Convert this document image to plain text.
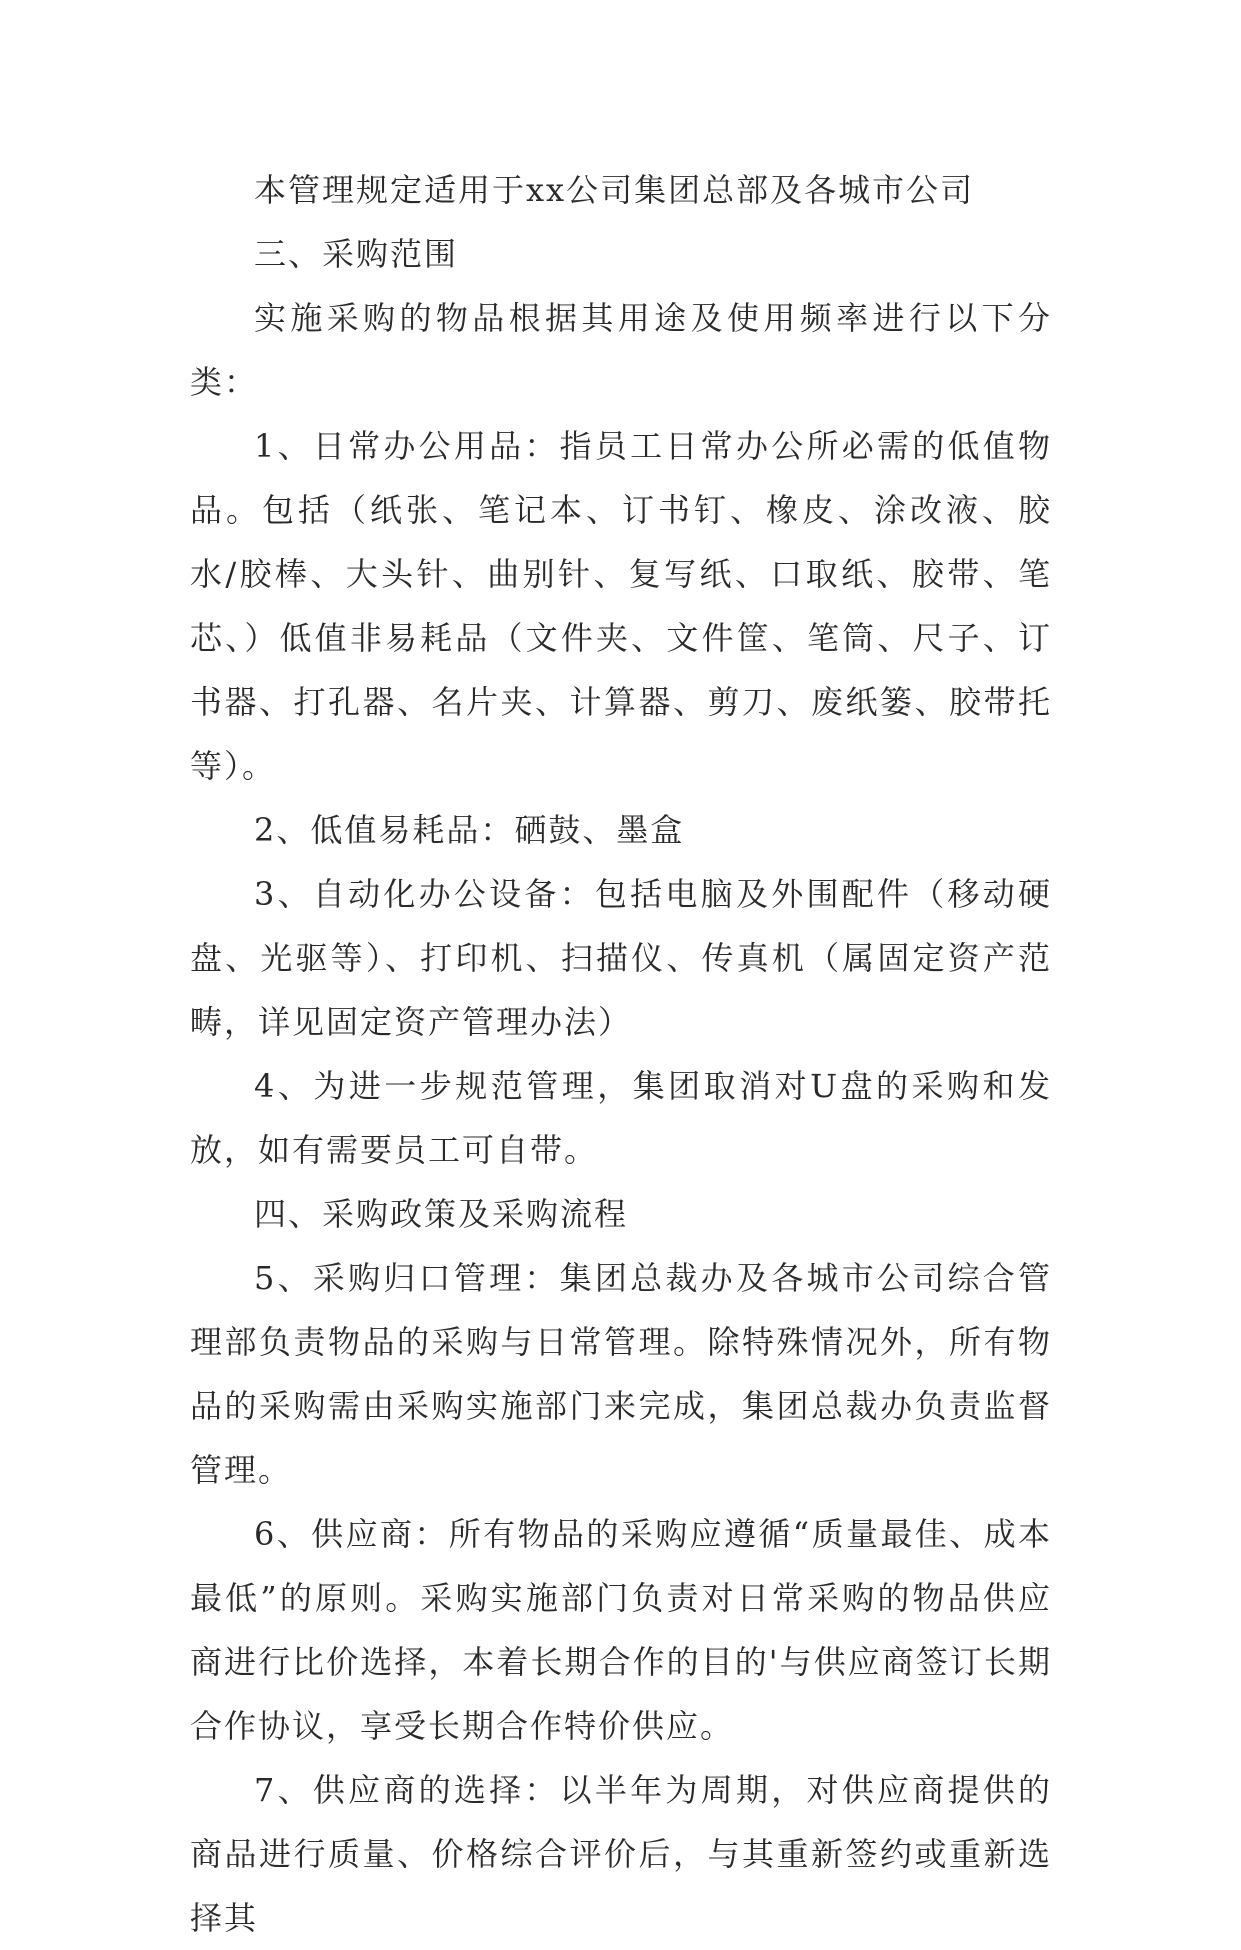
本管理规定适用于xx公司集团总部及各城市公司

三、采购范围

实施采购的物品根据其用途及使用频率进行以下分类：

1、日常办公用品：指员工日常办公所必需的低值物品。包括（纸张、笔记本、订书钉、橡皮、涂改液、胶水/胶棒、大头针、曲别针、复写纸、口取纸、胶带、笔芯、）低值非易耗品（文件夹、文件筐、笔筒、尺子、订书器、打孔器、名片夹、计算器、剪刀、废纸篓、胶带托等）。

2、低值易耗品：硒鼓、墨盒

3、自动化办公设备：包括电脑及外围配件（移动硬盘、光驱等）、打印机、扫描仪、传真机（属固定资产范畴，详见固定资产管理办法）

4、为进一步规范管理，集团取消对U盘的采购和发放，如有需要员工可自带。

四、采购政策及采购流程

5、采购归口管理：集团总裁办及各城市公司综合管理部负责物品的采购与日常管理。除特殊情况外，所有物品的采购需由采购实施部门来完成，集团总裁办负责监督管理。

6、供应商：所有物品的采购应遵循“质量最佳、成本最低”的原则。采购实施部门负责对日常采购的物品供应商进行比价选择，本着长期合作的目的'与供应商签订长期合作协议，享受长期合作特价供应。

7、供应商的选择：以半年为周期，对供应商提供的商品进行质量、价格综合评价后，与其重新签约或重新选择其
